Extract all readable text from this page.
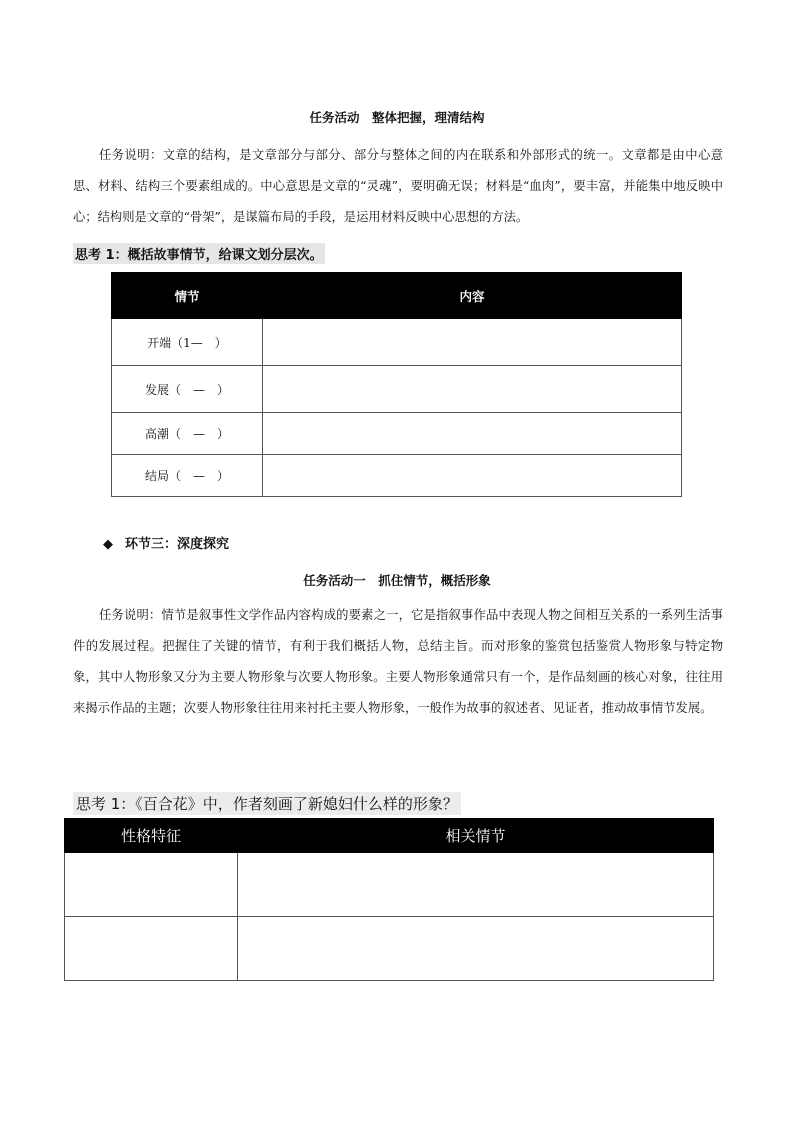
任务活动　整体把握，理清结构
任务说明：文章的结构，是文章部分与部分、部分与整体之间的内在联系和外部形式的统一。文章都是由中心意思、材料、结构三个要素组成的。中心意思是文章的“灵魂”，要明确无误；材料是“血肉”，要丰富，并能集中地反映中心；结构则是文章的“骨架”，是谋篇布局的手段，是运用材料反映中心思想的方法。
思考 1：概括故事情节，给课文划分层次。
情节	内容
开端（1—　）	
发展（　—　）	
高潮（　—　）	
结局（　—　）	
◆ 环节三：深度探究
任务活动一　抓住情节，概括形象
任务说明：情节是叙事性文学作品内容构成的要素之一，它是指叙事作品中表现人物之间相互关系的一系列生活事件的发展过程。把握住了关键的情节，有利于我们概括人物，总结主旨。而对形象的鉴赏包括鉴赏人物形象与特定物象，其中人物形象又分为主要人物形象与次要人物形象。主要人物形象通常只有一个，是作品刻画的核心对象，往往用来揭示作品的主题；次要人物形象往往用来衬托主要人物形象，一般作为故事的叙述者、见证者，推动故事情节发展。
思考 1：《百合花》中，作者刻画了新媳妇什么样的形象？
性格特征	相关情节
